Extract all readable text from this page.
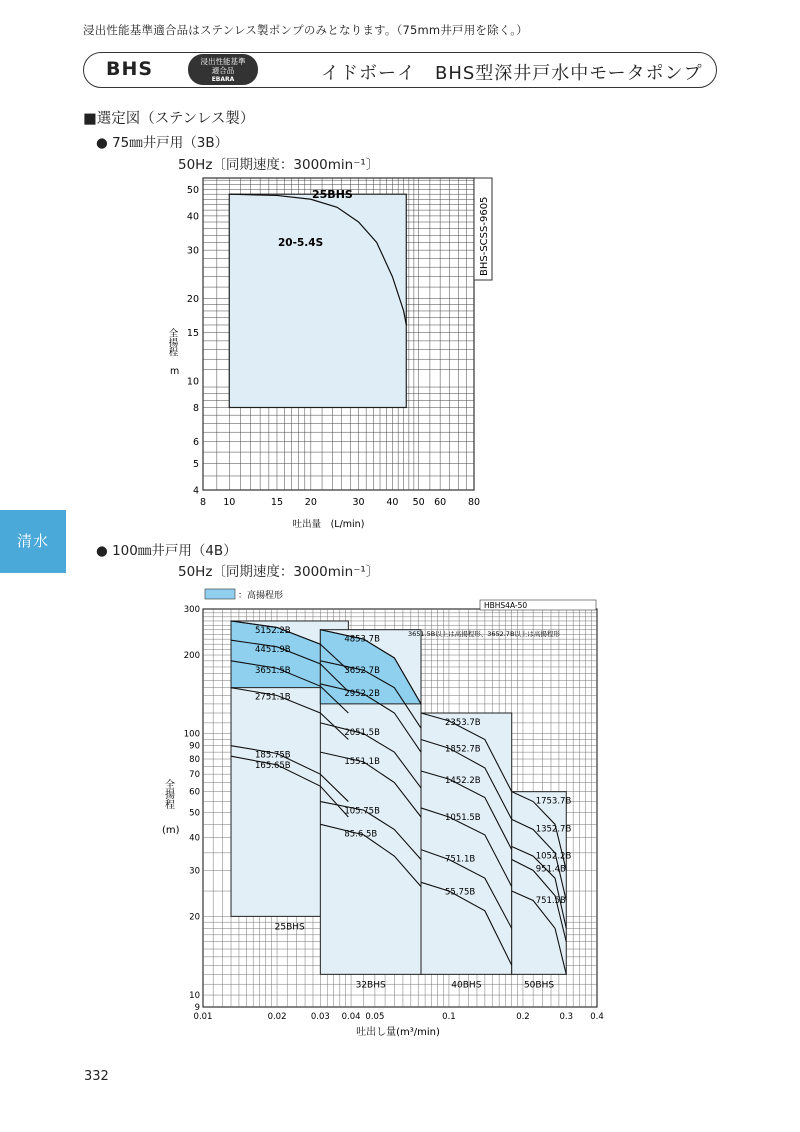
浸出性能基準適合品はステンレス製ポンプのみとなります。（75mm井戸用を除く。）
BHS	浸出性能基準
適合品
EBARA	イドボーイ　BHS型深井戸水中モータポンプ
■選定図（ステンレス製）
● 75㎜井戸用（3B）
50Hz〔同期速度：3000min⁻¹〕
8 10	15 20	30 40 50 60 80
4
5
6
8
10
15
20
30
40
50
吐出量　(L/min)
全揚程
m
BHS-SCSS-9605
25BHS
20-5.4S
清水
● 100㎜井戸用（4B）
50Hz〔同期速度：3000min⁻¹〕
0.01	0.02	0.03 0.04 0.05	0.1	0.2	0.3 0.4
9
10
20
30
40
50
60
70
80
90
100
200
300
吐出し量(m³/min)
全揚程
(m)
：高揚程形
HBHS4A-50
3651.5B以上は高揚程形、3652.7B以上は高揚程形
25BHS
32BHS	40BHS	50BHS
5152.2B
4451.9B
3651.5B
2751.1B
185.75B
165.65B
4853.7B
3652.7B
2952.2B
2051.5B
1551.1B
105.75B
85.6.5B
2353.7B
1852.7B
1452.2B
1051.5B
751.1B
55.75B
1753.7B
1352.7B
1052.2B
951.4B
751.5B
332
